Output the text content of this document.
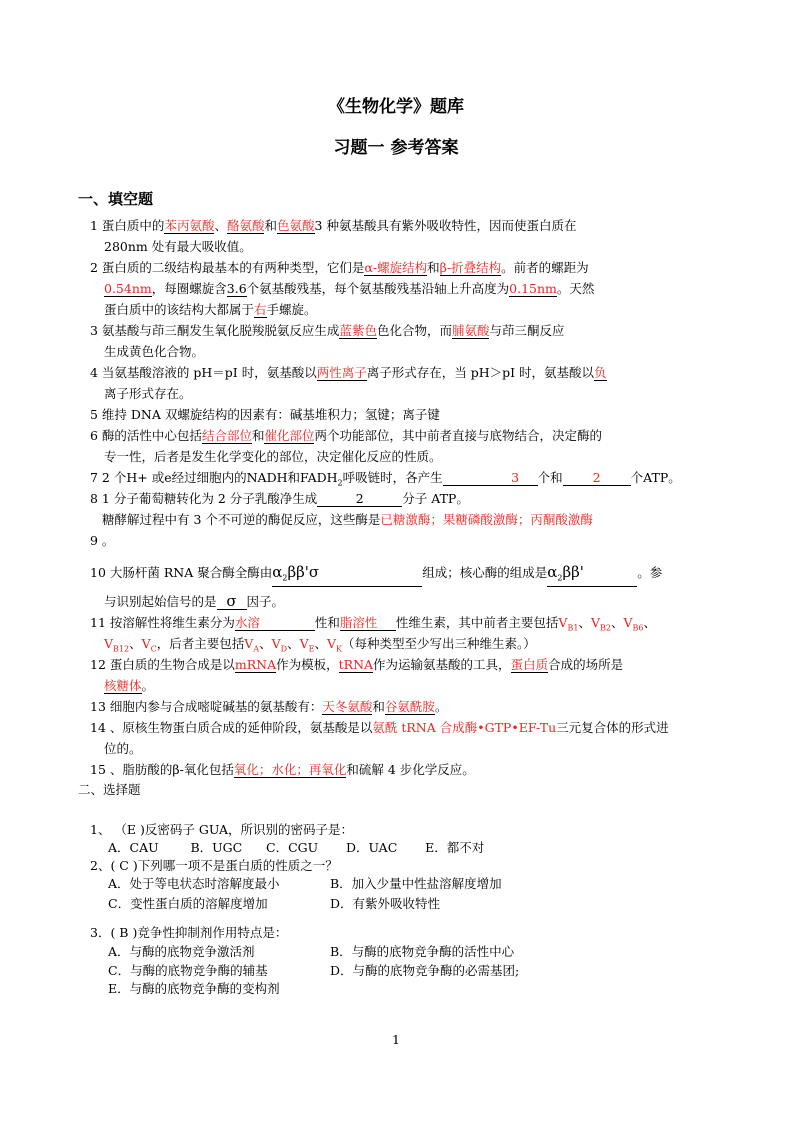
《生物化学》题库
习题一 参考答案
一、填空题
1 蛋白质中的苯丙氨酸、酪氨酸和色氨酸3 种氨基酸具有紫外吸收特性，因而使蛋白质在
280nm 处有最大吸收值。
2 蛋白质的二级结构最基本的有两种类型，它们是α-螺旋结构和β-折叠结构。前者的螺距为
0.54nm，每圈螺旋含3.6个氨基酸残基，每个氨基酸残基沿轴上升高度为0.15nm。天然
蛋白质中的该结构大都属于右手螺旋。
3 氨基酸与茚三酮发生氧化脱羧脱氨反应生成蓝紫色色化合物，而脯氨酸与茚三酮反应
生成黄色化合物。
4 当氨基酸溶液的 pH＝pI 时，氨基酸以两性离子离子形式存在，当 pH＞pI 时，氨基酸以负
离子形式存在。
5 维持 DNA 双螺旋结构的因素有：碱基堆积力；氢键；离子键
6 酶的活性中心包括结合部位和催化部位两个功能部位，其中前者直接与底物结合，决定酶的
专一性，后者是发生化学变化的部位，决定催化反应的性质。
7 2 个H+ 或e经过细胞内的NADH和$FADH_2$呼吸链时，各产生	3 个和 2 个ATP。
8 1 分子葡萄糖转化为 2 分子乳酸净生成	2	分子 ATP。
糖酵解过程中有 3 个不可逆的酶促反应，这些酶是已糖激酶；果糖磷酸激酶；丙酮酸激酶
9 。
10 大肠杆菌 RNA 聚合酶全酶由$\alpha_2\beta\beta'\sigma$	组成；核心酶的组成是$\alpha_2\beta\beta'$	。参
与识别起始信号的是 σ 因子。
11 按溶解性将维生素分为水溶	性和脂溶性 性维生素，其中前者主要包括$V_{B1}$、$V_{B2}$、$V_{B6}$、
$V_{B12}$、$V_C$，后者主要包括$V_A$、$V_D$、$V_E$、$V_K$（每种类型至少写出三种维生素。）
12 蛋白质的生物合成是以mRNA作为模板，tRNA作为运输氨基酸的工具，蛋白质合成的场所是
核糖体。
13 细胞内参与合成嘧啶碱基的氨基酸有：天冬氨酸和谷氨酰胺。
14 、原核生物蛋白质合成的延伸阶段，氨基酸是以氨酰 tRNA 合成酶•GTP•EF-Tu三元复合体的形式进
位的。
15 、脂肪酸的β-氧化包括氧化；水化；再氧化和硫解 4 步化学反应。
二、选择题
1、 （E )反密码子 GUA，所识别的密码子是：
A．CAU        B．UGC      C．CGU       D．UAC       E．都不对
2、( C )下列哪一项不是蛋白质的性质之一？
A．处于等电状态时溶解度最小	B．加入少量中性盐溶解度增加
C．变性蛋白质的溶解度增加	D．有紫外吸收特性
3．( B )竞争性抑制剂作用特点是：
A．与酶的底物竞争激活剂	B．与酶的底物竞争酶的活性中心
C．与酶的底物竞争酶的辅基	D．与酶的底物竞争酶的必需基团;
E．与酶的底物竞争酶的变构剂
1
